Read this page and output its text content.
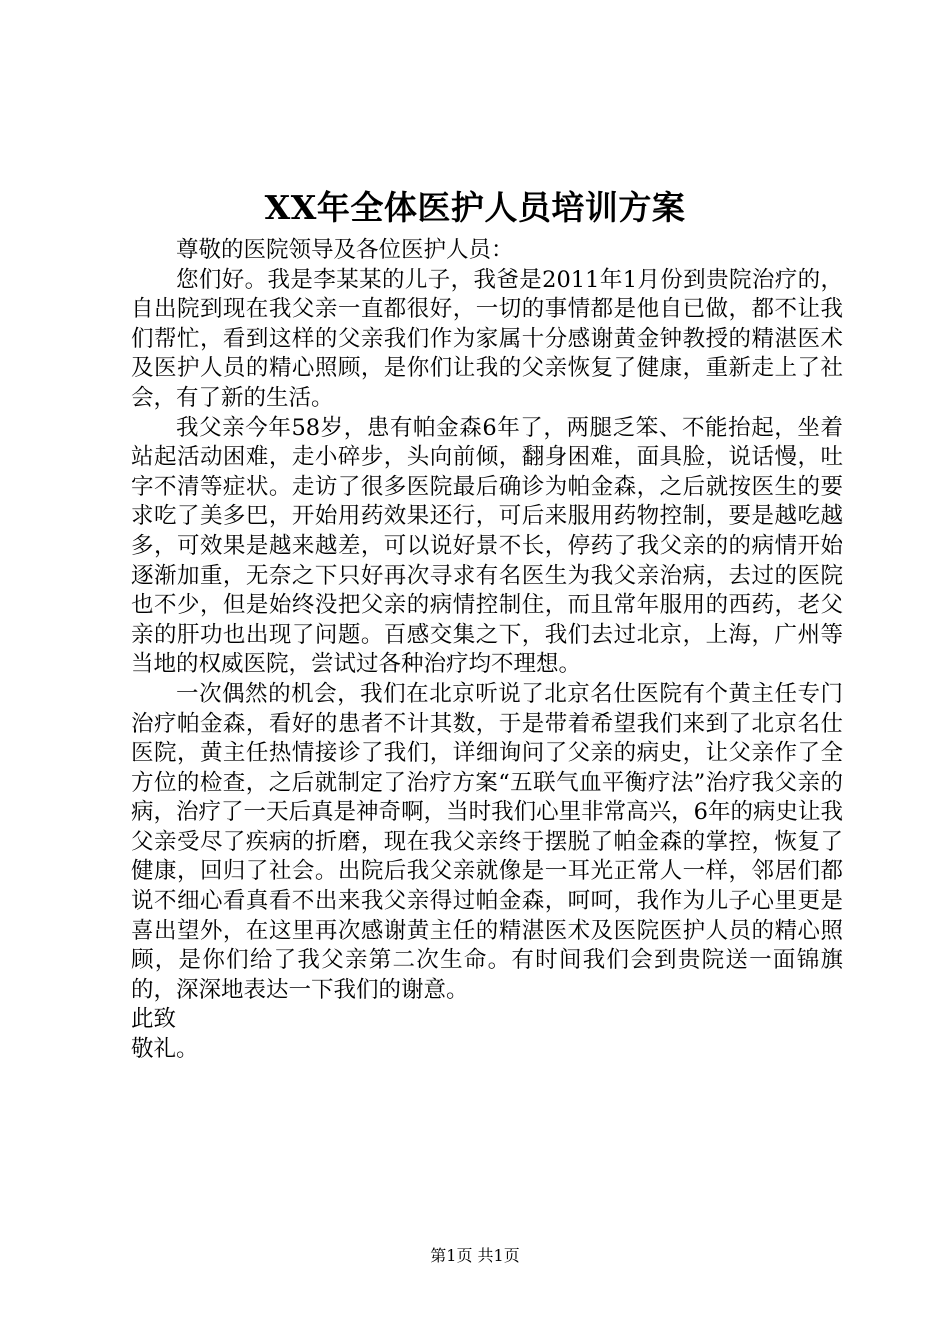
XX年全体医护人员培训方案

尊敬的医院领导及各位医护人员：

您们好。我是李某某的儿子，我爸是2011年1月份到贵院治疗的，自出院到现在我父亲一直都很好，一切的事情都是他自已做，都不让我们帮忙，看到这样的父亲我们作为家属十分感谢黄金钟教授的精湛医术及医护人员的精心照顾，是你们让我的父亲恢复了健康，重新走上了社会，有了新的生活。

我父亲今年58岁，患有帕金森6年了，两腿乏笨、不能抬起，坐着站起活动困难，走小碎步，头向前倾，翻身困难，面具脸，说话慢，吐字不清等症状。走访了很多医院最后确诊为帕金森，之后就按医生的要求吃了美多巴，开始用药效果还行，可后来服用药物控制，要是越吃越多，可效果是越来越差，可以说好景不长，停药了我父亲的的病情开始逐渐加重，无奈之下只好再次寻求有名医生为我父亲治病，去过的医院也不少，但是始终没把父亲的病情控制住，而且常年服用的西药，老父亲的肝功也出现了问题。百感交集之下，我们去过北京，上海，广州等当地的权威医院，尝试过各种治疗均不理想。

一次偶然的机会，我们在北京听说了北京名仕医院有个黄主任专门治疗帕金森，看好的患者不计其数，于是带着希望我们来到了北京名仕医院，黄主任热情接诊了我们，详细询问了父亲的病史，让父亲作了全方位的检查，之后就制定了治疗方案“五联气血平衡疗法”治疗我父亲的病，治疗了一天后真是神奇啊，当时我们心里非常高兴，6年的病史让我父亲受尽了疾病的折磨，现在我父亲终于摆脱了帕金森的掌控，恢复了健康，回归了社会。出院后我父亲就像是一耳光正常人一样，邻居们都说不细心看真看不出来我父亲得过帕金森，呵呵，我作为儿子心里更是喜出望外，在这里再次感谢黄主任的精湛医术及医院医护人员的精心照顾，是你们给了我父亲第二次生命。有时间我们会到贵院送一面锦旗的，深深地表达一下我们的谢意。

此致

敬礼。

第1页 共1页
